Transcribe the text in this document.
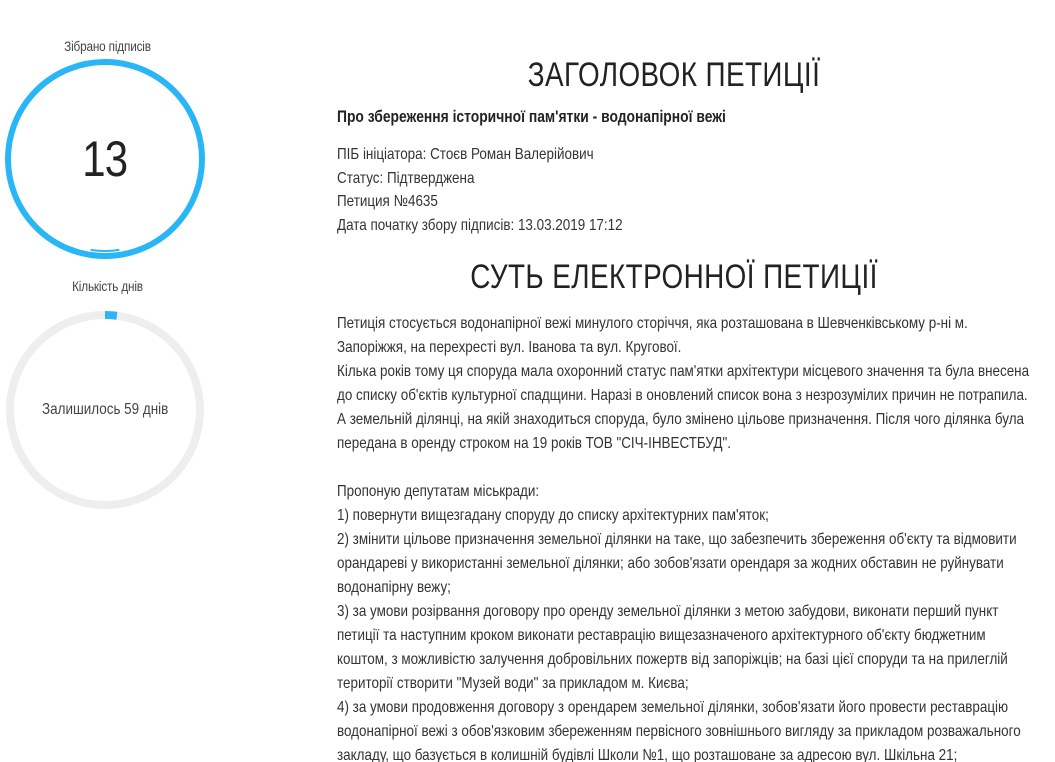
Зібрано підписів
13
Кількість днів
Залишилось 59 днів
ЗАГОЛОВОК ПЕТИЦІЇ
Про збереження історичної пам'ятки - водонапірної вежі
ПІБ ініціатора: Стоєв Роман Валерійович
Статус: Підтверджена
Петиция №4635
Дата початку збору підписів: 13.03.2019 17:12
СУТЬ ЕЛЕКТРОННОЇ ПЕТИЦІЇ
Петиція стосується водонапірної вежі минулого сторіччя, яка розташована в Шевченківському р-ні м.
Запоріжжя, на перехресті вул. Іванова та вул. Кругової.
Кілька років тому ця споруда мала охоронний статус пам'ятки архітектури місцевого значення та була внесена
до списку об'єктів культурної спадщини. Наразі в оновлений список вона з незрозумілих причин не потрапила.
А земельній ділянці, на якій знаходиться споруда, було змінено цільове призначення. Після чого ділянка була
передана в оренду строком на 19 років ТОВ "СІЧ-ІНВЕСТБУД".
Пропоную депутатам міськради:
1) повернути вищезгадану споруду до списку архітектурних пам'яток;
2) змінити цільове призначення земельної ділянки на таке, що забезпечить збереження об'єкту та відмовити
орандареві у використанні земельної ділянки; або зобов'язати орендаря за жодних обставин не руйнувати
водонапірну вежу;
3) за умови розірвання договору про оренду земельної ділянки з метою забудови, виконати перший пункт
петиції та наступним кроком виконати реставрацію вищезазначеного архітектурного об'єкту бюджетним
коштом, з можливістю залучення добровільних пожертв від запоріжців; на базі цієї споруди та на прилеглій
території створити "Музей води" за прикладом м. Києва;
4) за умови продовження договору з орендарем земельної ділянки, зобов'язати його провести реставрацію
водонапірної вежі з обов'язковим збереженням первісного зовнішнього вигляду за прикладом розважального
закладу, що базується в колишній будівлі Школи №1, що розташоване за адресою вул. Шкільна 21;
